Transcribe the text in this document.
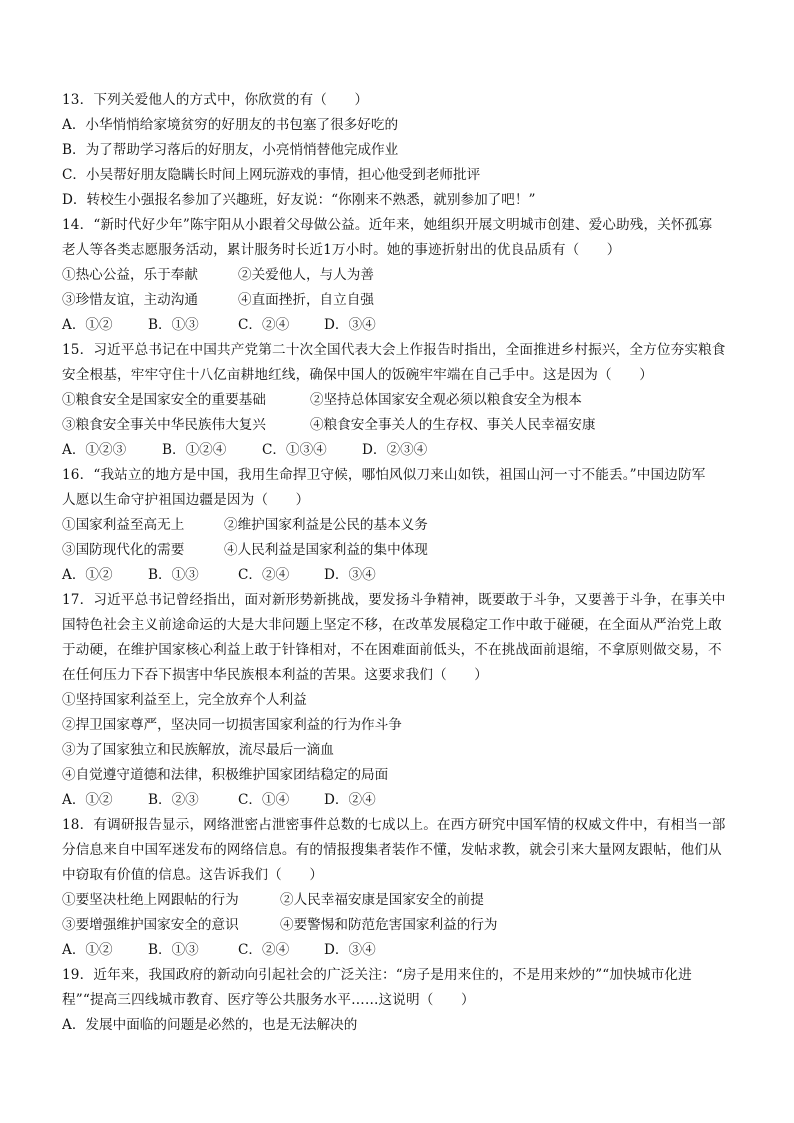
13．下列关爱他人的方式中，你欣赏的有（　　）
A．小华悄悄给家境贫穷的好朋友的书包塞了很多好吃的
B．为了帮助学习落后的好朋友，小亮悄悄替他完成作业
C．小吴帮好朋友隐瞒长时间上网玩游戏的事情，担心他受到老师批评
D．转校生小强报名参加了兴趣班，好友说：“你刚来不熟悉，就别参加了吧！”
14．“新时代好少年”陈宇阳从小跟着父母做公益。近年来，她组织开展文明城市创建、爱心助残，关怀孤寡
老人等各类志愿服务活动，累计服务时长近1万小时。她的事迹折射出的优良品质有（　　）
①热心公益，乐于奉献	②关爱他人，与人为善
③珍惜友谊，主动沟通	④直面挫折，自立自强
A．①②	B．①③	C．②④	D．③④
15．习近平总书记在中国共产党第二十次全国代表大会上作报告时指出，全面推进乡村振兴，全方位夯实粮食
安全根基，牢牢守住十八亿亩耕地红线，确保中国人的饭碗牢牢端在自己手中。这是因为（　　）
①粮食安全是国家安全的重要基础	②坚持总体国家安全观必须以粮食安全为根本
③粮食安全事关中华民族伟大复兴	④粮食安全事关人的生存权、事关人民幸福安康
A．①②③	B．①②④	C．①③④	D．②③④
16．“我站立的地方是中国，我用生命捍卫守候，哪怕风似刀来山如铁，祖国山河一寸不能丢。”中国边防军
人愿以生命守护祖国边疆是因为（　　）
①国家利益至高无上	②维护国家利益是公民的基本义务
③国防现代化的需要	④人民利益是国家利益的集中体现
A．①②	B．①③	C．②④	D．③④
17．习近平总书记曾经指出，面对新形势新挑战，要发扬斗争精神，既要敢于斗争，又要善于斗争，在事关中
国特色社会主义前途命运的大是大非问题上坚定不移，在改革发展稳定工作中敢于碰硬，在全面从严治党上敢
于动硬，在维护国家核心利益上敢于针锋相对，不在困难面前低头，不在挑战面前退缩，不拿原则做交易，不
在任何压力下吞下损害中华民族根本利益的苦果。这要求我们（　　）
①坚持国家利益至上，完全放弃个人利益
②捍卫国家尊严，坚决同一切损害国家利益的行为作斗争
③为了国家独立和民族解放，流尽最后一滴血
④自觉遵守道德和法律，积极维护国家团结稳定的局面
A．①②	B．②③	C．①④	D．②④
18．有调研报告显示，网络泄密占泄密事件总数的七成以上。在西方研究中国军情的权威文件中，有相当一部
分信息来自中国军迷发布的网络信息。有的情报搜集者装作不懂，发帖求教，就会引来大量网友跟帖，他们从
中窃取有价值的信息。这告诉我们（　　）
①要坚决杜绝上网跟帖的行为	②人民幸福安康是国家安全的前提
③要增强维护国家安全的意识	④要警惕和防范危害国家利益的行为
A．①②	B．①③	C．②④	D．③④
19．近年来，我国政府的新动向引起社会的广泛关注：“房子是用来住的，不是用来炒的”“加快城市化进
程”“提高三四线城市教育、医疗等公共服务水平……这说明（　　）
A．发展中面临的问题是必然的，也是无法解决的
